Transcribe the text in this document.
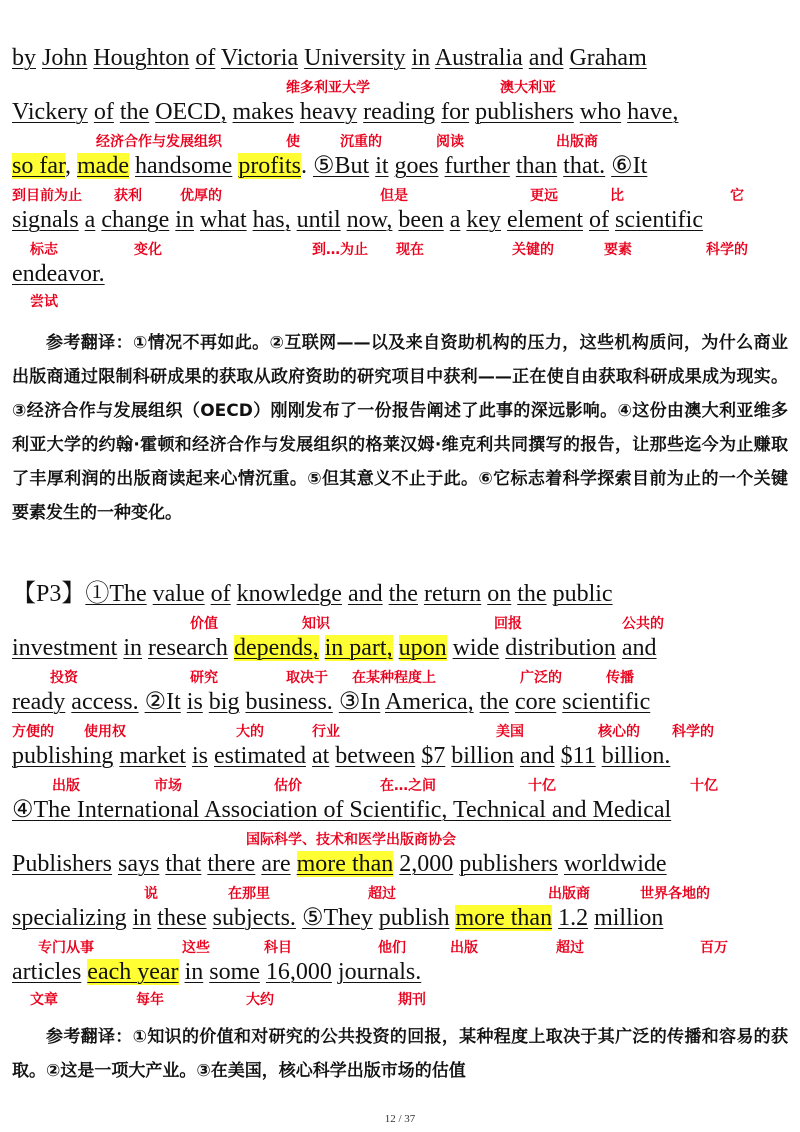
by John Houghton of Victoria University in Australia and Graham

维多利亚大学	澳大利亚

Vickery of the OECD, makes heavy reading for publishers who have,

经济合作与发展组织	使	沉重的	阅读	出版商

so far, made handsome profits. ⑤But it goes further than that. ⑥It

到目前为止 获利	优厚的	但是	更远	比	它

signals a change in what has, until now, been a key element of scientific

标志	变化	到…为止 现在	关键的	要素	科学的

endeavor.

尝试

参考翻译：①情况不再如此。②互联网——以及来自资助机构的压力，这些机构质问，为什么商业出版商通过限制科研成果的获取从政府资助的研究项目中获利——正在使自由获取科研成果成为现实。③经济合作与发展组织（OECD）刚刚发布了一份报告阐述了此事的深远影响。④这份由澳大利亚维多利亚大学的约翰·霍顿和经济合作与发展组织的格莱汉姆·维克利共同撰写的报告，让那些迄今为止赚取了丰厚利润的出版商读起来心情沉重。⑤但其意义不止于此。⑥它标志着科学探索目前为止的一个关键要素发生的一种变化。

【P3】①The value of knowledge and the return on the public

价值	知识	回报	公共的

investment in research depends, in part, upon wide distribution and

投资	研究	取决于 在某种程度上	广泛的	传播

ready access. ②It is big business. ③In America, the core scientific

方便的 使用权	大的	行业	美国	核心的 科学的

publishing market is estimated at between $7 billion and $11 billion.

出版	市场	估价	在…之间	十亿	十亿

④The International Association of Scientific, Technical and Medical

国际科学、技术和医学出版商协会

Publishers says that there are more than 2,000 publishers worldwide

说	在那里	超过	出版商	世界各地的

specializing in these subjects. ⑤They publish more than 1.2 million

专门从事	这些	科目	他们	出版	超过	百万

articles each year in some 16,000 journals.

文章	每年	大约	期刊

参考翻译：①知识的价值和对研究的公共投资的回报，某种程度上取决于其广泛的传播和容易的获取。②这是一项大产业。③在美国，核心科学出版市场的估值

12 / 37
